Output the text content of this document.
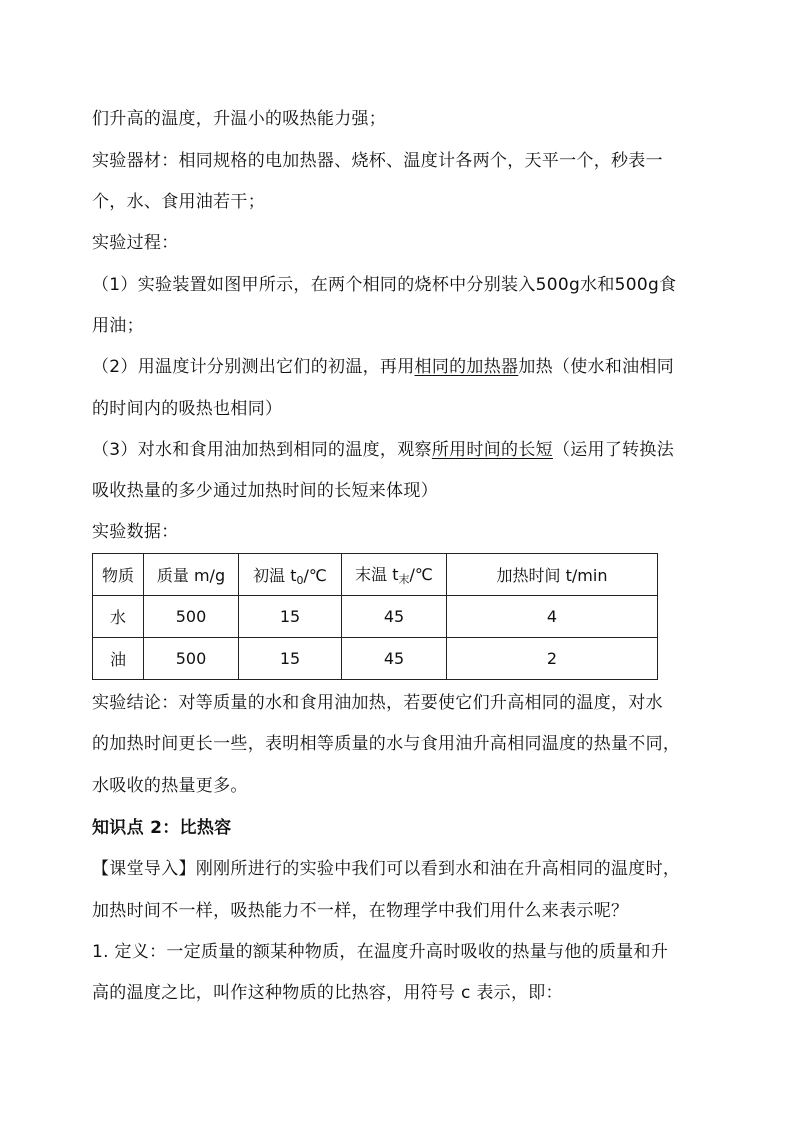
们升高的温度，升温小的吸热能力强；
实验器材：相同规格的电加热器、烧杯、温度计各两个，天平一个，秒表一
个，水、食用油若干；
实验过程：
（1）实验装置如图甲所示，在两个相同的烧杯中分别装入500g水和500g食
用油；
（2）用温度计分别测出它们的初温，再用相同的加热器加热（使水和油相同
的时间内的吸热也相同）
（3）对水和食用油加热到相同的温度，观察所用时间的长短（运用了转换法
吸收热量的多少通过加热时间的长短来体现）
实验数据：
物质	质量 m/g	初温 $t_0/℃$	末温 $t_末/℃$	加热时间 t/min
水	500	15	45	4
油	500	15	45	2
实验结论：对等质量的水和食用油加热，若要使它们升高相同的温度，对水
的加热时间更长一些，表明相等质量的水与食用油升高相同温度的热量不同，
水吸收的热量更多。
知识点 2：比热容
【课堂导入】刚刚所进行的实验中我们可以看到水和油在升高相同的温度时，
加热时间不一样，吸热能力不一样，在物理学中我们用什么来表示呢？
1. 定义：一定质量的额某种物质，在温度升高时吸收的热量与他的质量和升
高的温度之比，叫作这种物质的比热容，用符号 c 表示，即：
